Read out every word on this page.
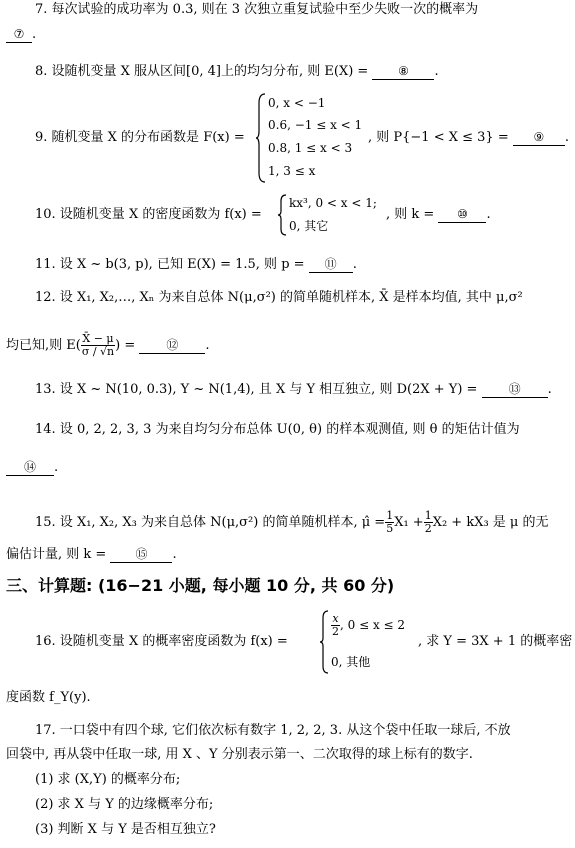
7. 每次试验的成功率为 0.3, 则在 3 次独立重复试验中至少失败一次的概率为
⑦ .
8. 设随机变量 X 服从区间[0, 4]上的均匀分布, 则 E(X) = ⑧ .
9. 随机变量 X 的分布函数是 F(x) =
0, x < −1
0.6, −1 ≤ x < 1
0.8, 1 ≤ x < 3
1, 3 ≤ x
, 则 P{−1 < X ≤ 3} = ⑨ .
10. 设随机变量 X 的密度函数为 f(x) =
kx³, 0 < x < 1;
0, 其它
, 则 k = ⑩ .
11. 设 X ~ b(3, p), 已知 E(X) = 1.5, 则 p = ⑪ .
12. 设 X₁, X₂,…, Xₙ 为来自总体 N(μ,σ²) 的简单随机样本, X̄ 是样本均值, 其中 μ,σ²
均已知,则 $E( \frac{X̄ - \mu}{\sigma / √n}$ ) =	⑫ .
13. 设 X ~ N(10, 0.3), Y ~ N(1,4), 且 X 与 Y 相互独立, 则 D(2X + Y) =	⑬ .
14. 设 0, 2, 2, 3, 3 为来自均匀分布总体 U(0, θ) 的样本观测值, 则 θ 的矩估计值为
⑭ .
15. 设 X₁, X₂, X₃ 为来自总体 N(μ,σ²) 的简单随机样本, μ̂ = $\frac{1}{5} X_1 + \frac{1}{2} X_2 + kX_3$ 是 μ 的无
偏估计量, 则 k = ⑮ .
三、计算题: (16−21 小题, 每小题 10 分, 共 60 分)
16. 设随机变量 X 的概率密度函数为 f(x) =
$\frac{x}{2}$ , 0 ≤ x ≤ 2
0, 其他
, 求 Y = 3X + 1 的概率密
度函数 f_Y(y).
17. 一口袋中有四个球, 它们依次标有数字 1, 2, 2, 3. 从这个袋中任取一球后, 不放
回袋中, 再从袋中任取一球, 用 X 、Y 分别表示第一、二次取得的球上标有的数字.
(1) 求 (X,Y) 的概率分布;
(2) 求 X 与 Y 的边缘概率分布;
(3) 判断 X 与 Y 是否相互独立?
